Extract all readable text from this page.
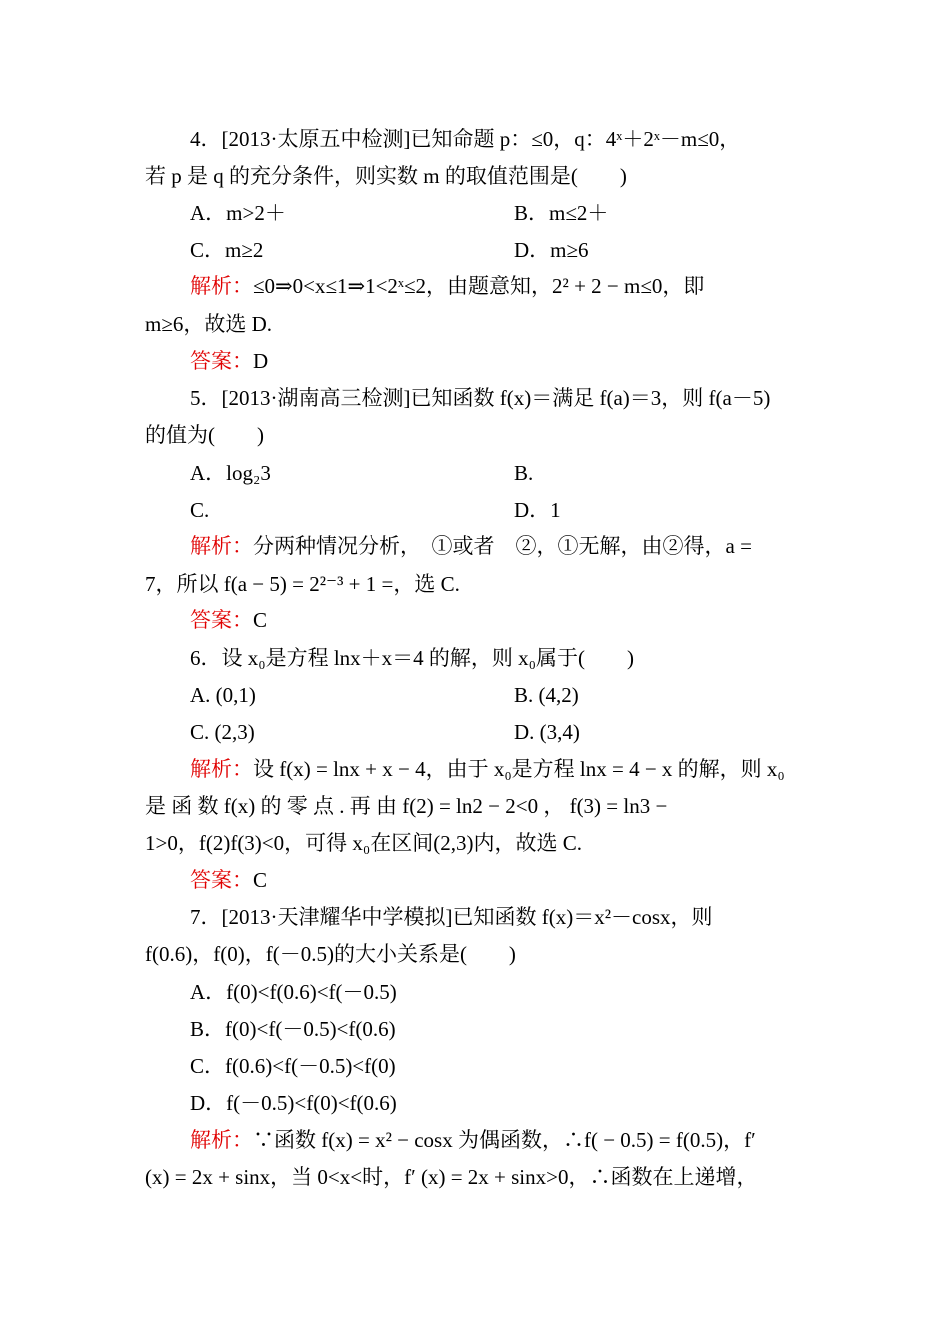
4．[2013·太原五中检测]已知命题 p：≤0，q：4ˣ＋2ˣ－m≤0，
若 p 是 q 的充分条件，则实数 m 的取值范围是(　　)
A．m>2＋	B．m≤2＋
C．m≥2	D．m≥6
解析：≤0⇒0<x≤1⇒1<2ˣ≤2，由题意知，2² + 2 − m≤0，即
m≥6，故选 D.
答案：D
5．[2013·湖南高三检测]已知函数 f(x)＝满足 f(a)＝3，则 f(a－5)
的值为(　　)
A．log₂3	B.
C.	D．1
解析：分两种情况分析，　①或者　②，①无解，由②得，a =
7，所以 f(a − 5) = 2²⁻³ + 1 =，选 C.
答案：C
6．设 x₀是方程 lnx＋x＝4 的解，则 x₀属于(　　)
A. (0,1)	B. (4,2)
C. (2,3)	D. (3,4)
解析：设 f(x) = lnx + x − 4，由于 x₀是方程 lnx = 4 − x 的解，则 x₀
是 函 数 f(x) 的 零 点 . 再 由 f(2) = ln2 − 2<0 ， f(3) = ln3 −
1>0，f(2)f(3)<0，可得 x₀在区间(2,3)内，故选 C.
答案：C
7．[2013·天津耀华中学模拟]已知函数 f(x)＝x²－cosx，则
f(0.6)，f(0)，f(－0.5)的大小关系是(　　)
A．f(0)<f(0.6)<f(－0.5)
B．f(0)<f(－0.5)<f(0.6)
C．f(0.6)<f(－0.5)<f(0)
D．f(－0.5)<f(0)<f(0.6)
解析：∵函数 f(x) = x² − cosx 为偶函数，∴f( − 0.5) = f(0.5)，f′
(x) = 2x + sinx，当 0<x<时，f′ (x) = 2x + sinx>0，∴函数在上递增，
